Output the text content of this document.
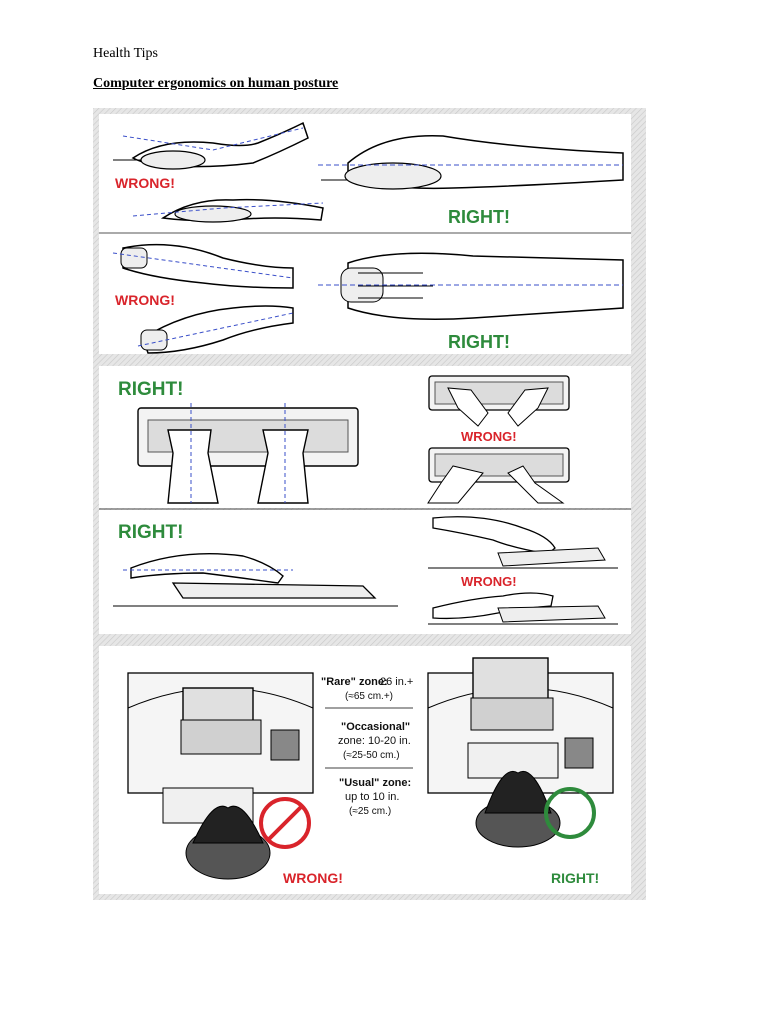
Health Tips
Computer ergonomics on human posture
WRONG!
RIGHT!
WRONG!
RIGHT!
RIGHT!
WRONG!
RIGHT!
WRONG!
WRONG!
"Rare" zone:
26 in.+
(≈65 cm.+)
"Occasional"
zone: 10-20 in.
(≈25-50 cm.)
"Usual" zone:
up to 10 in.
(≈25 cm.)
RIGHT!
